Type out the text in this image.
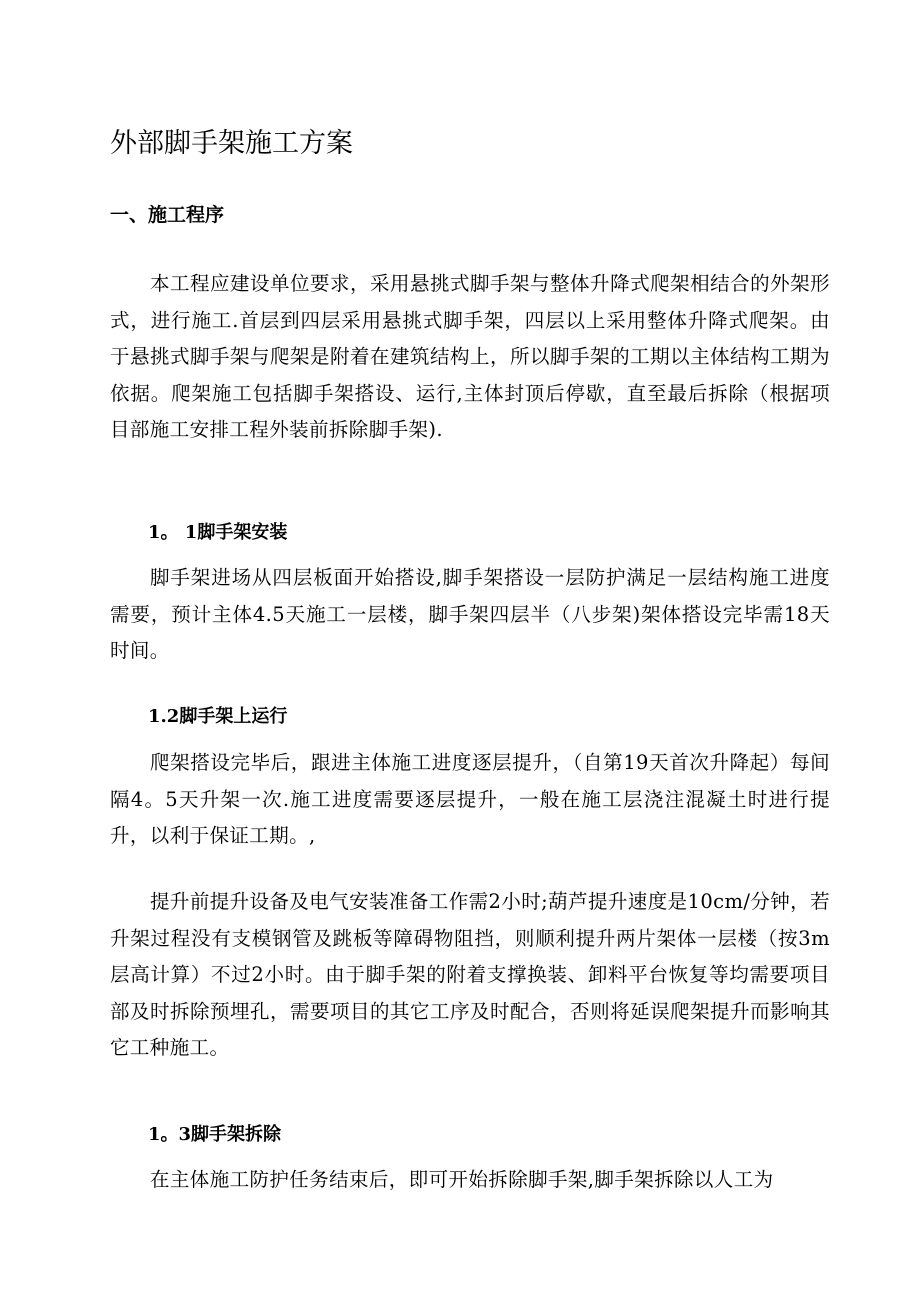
外部脚手架施工方案
一、施工程序

本工程应建设单位要求，采用悬挑式脚手架与整体升降式爬架相结合的外架形式，进行施工.首层到四层采用悬挑式脚手架，四层以上采用整体升降式爬架。由于悬挑式脚手架与爬架是附着在建筑结构上，所以脚手架的工期以主体结构工期为依据。爬架施工包括脚手架搭设、运行,主体封顶后停歇，直至最后拆除（根据项目部施工安排工程外装前拆除脚手架).

1。 1脚手架安装

脚手架进场从四层板面开始搭设,脚手架搭设一层防护满足一层结构施工进度需要，预计主体4.5天施工一层楼，脚手架四层半（八步架)架体搭设完毕需18天时间。

1.2脚手架上运行

爬架搭设完毕后，跟进主体施工进度逐层提升，（自第19天首次升降起）每间隔4。5天升架一次.施工进度需要逐层提升，一般在施工层浇注混凝土时进行提升，以利于保证工期。,

提升前提升设备及电气安装准备工作需2小时;葫芦提升速度是10cm/分钟，若升架过程没有支模钢管及跳板等障碍物阻挡，则顺利提升两片架体一层楼（按3m层高计算）不过2小时。由于脚手架的附着支撑换装、卸料平台恢复等均需要项目部及时拆除预埋孔，需要项目的其它工序及时配合，否则将延误爬架提升而影响其它工种施工。

1。3脚手架拆除

在主体施工防护任务结束后，即可开始拆除脚手架,脚手架拆除以人工为
